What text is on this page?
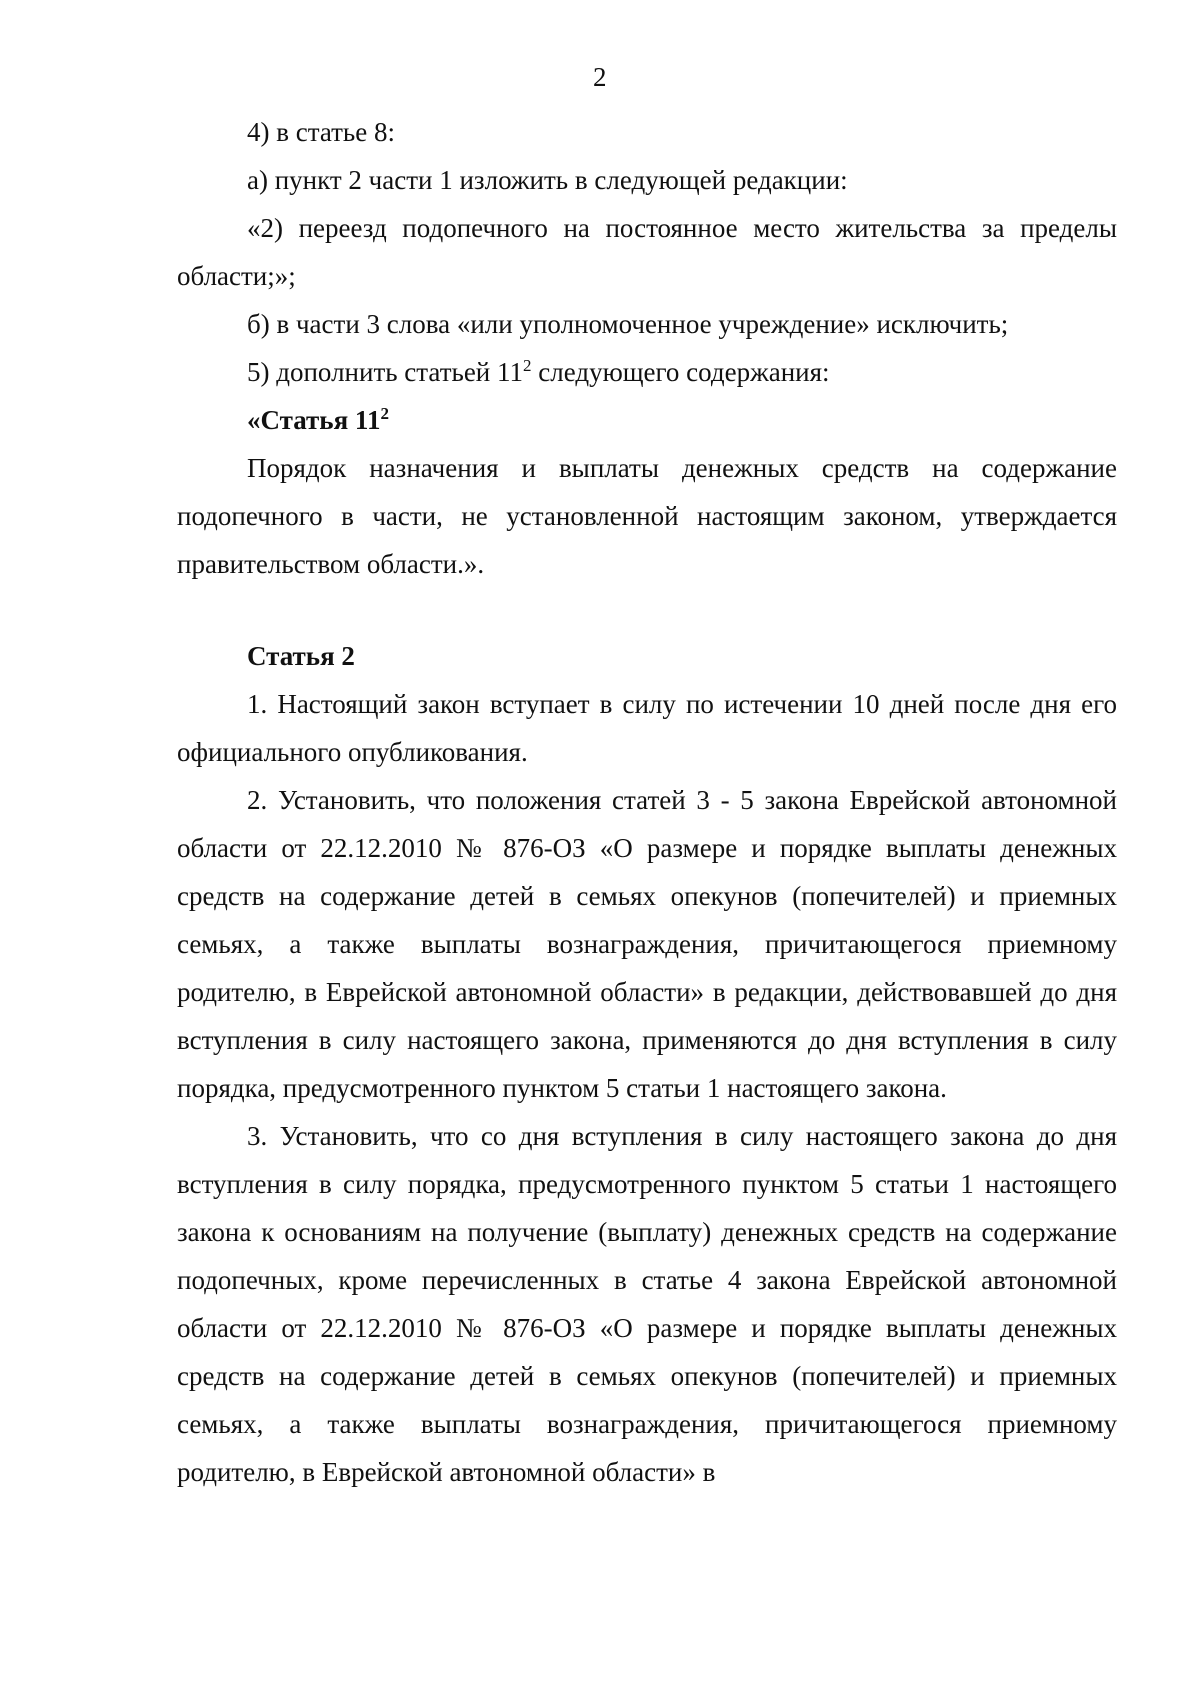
2

4) в статье 8:

а) пункт 2 части 1 изложить в следующей редакции:

«2) переезд подопечного на постоянное место жительства за пределы области;»;

б) в части 3 слова «или уполномоченное учреждение» исключить;

5) дополнить статьей $11^2$ следующего содержания:

«Статья $11^2$

Порядок назначения и выплаты денежных средств на содержание подопечного в части, не установленной настоящим законом, утверждается правительством области.».

Статья 2

1. Настоящий закон вступает в силу по истечении 10 дней после дня его официального опубликования.

2. Установить, что положения статей 3 - 5 закона Еврейской автономной области от 22.12.2010 № 876-ОЗ «О размере и порядке выплаты денежных средств на содержание детей в семьях опекунов (попечителей) и приемных семьях, а также выплаты вознаграждения, причитающегося приемному родителю, в Еврейской автономной области» в редакции, действовавшей до дня вступления в силу настоящего закона, применяются до дня вступления в силу порядка, предусмотренного пунктом 5 статьи 1 настоящего закона.

3. Установить, что со дня вступления в силу настоящего закона до дня вступления в силу порядка, предусмотренного пунктом 5 статьи 1 настоящего закона к основаниям на получение (выплату) денежных средств на содержание подопечных, кроме перечисленных в статье 4 закона Еврейской автономной области от 22.12.2010 № 876-ОЗ «О размере и порядке выплаты денежных средств на содержание детей в семьях опекунов (попечителей) и приемных семьях, а также выплаты вознаграждения, причитающегося приемному родителю, в Еврейской автономной области» в
